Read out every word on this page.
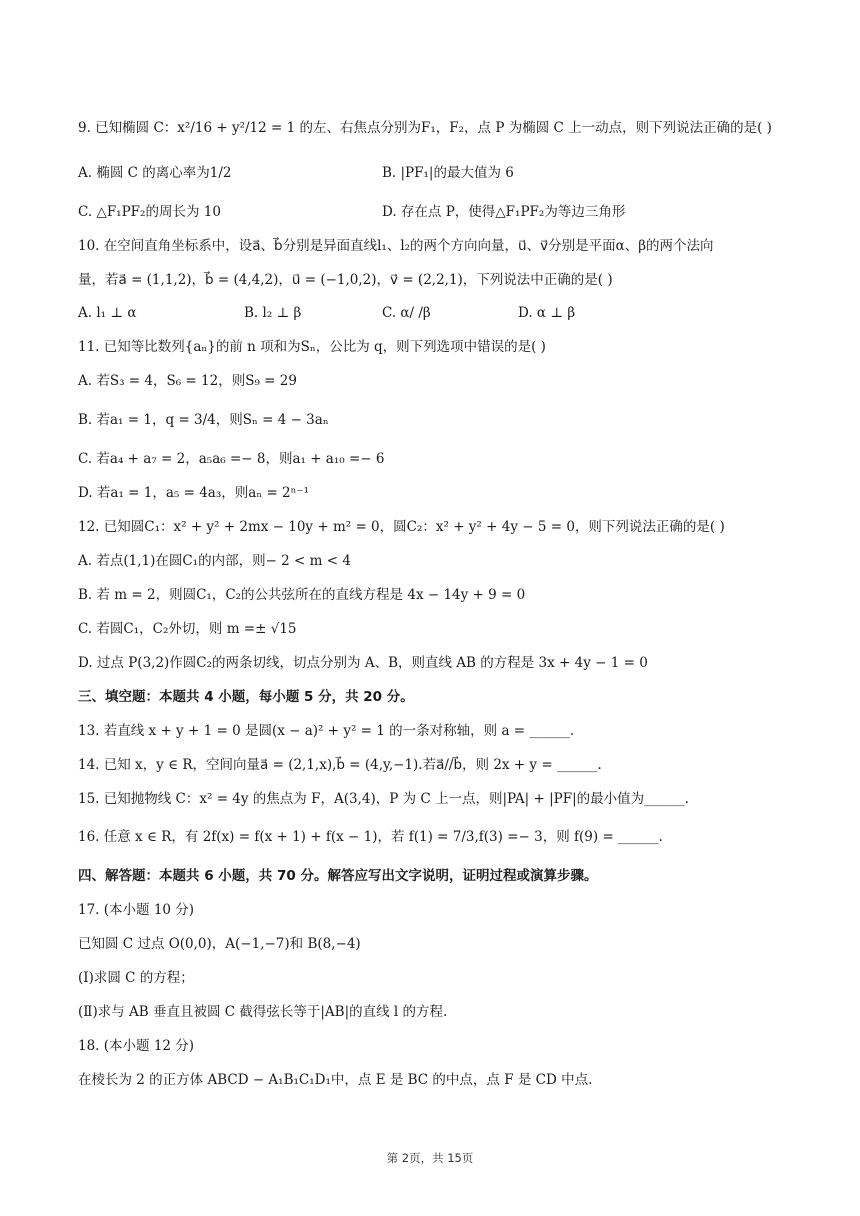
9. 已知椭圆 C：x²/16 + y²/12 = 1 的左、右焦点分别为F₁，F₂，点 P 为椭圆 C 上一动点，则下列说法正确的是( )
A. 椭圆 C 的离心率为1/2	B. |PF₁|的最大值为 6
C. △F₁PF₂的周长为 10	D. 存在点 P，使得△F₁PF₂为等边三角形
10. 在空间直角坐标系中，设a⃗、b⃗分别是异面直线l₁、l₂的两个方向向量，u⃗、v⃗分别是平面α、β的两个法向
量，若a⃗ = (1,1,2)，b⃗ = (4,4,2)，u⃗ = (−1,0,2)，v⃗ = (2,2,1)，下列说法中正确的是( )
A. l₁ ⊥ α	B. l₂ ⊥ β	C. α/ /β	D. α ⊥ β
11. 已知等比数列{aₙ}的前 n 项和为Sₙ，公比为 q，则下列选项中错误的是( )
A. 若S₃ = 4，S₆ = 12，则S₉ = 29
B. 若a₁ = 1，q = 3/4，则Sₙ = 4 − 3aₙ
C. 若a₄ + a₇ = 2，a₅a₆ =− 8，则a₁ + a₁₀ =− 6
D. 若a₁ = 1，a₅ = 4a₃，则aₙ = 2ⁿ⁻¹
12. 已知圆C₁：x² + y² + 2mx − 10y + m² = 0，圆C₂：x² + y² + 4y − 5 = 0，则下列说法正确的是( )
A. 若点(1,1)在圆C₁的内部，则− 2 < m < 4
B. 若 m = 2，则圆C₁，C₂的公共弦所在的直线方程是 4x − 14y + 9 = 0
C. 若圆C₁，C₂外切，则 m =± √15
D. 过点 P(3,2)作圆C₂的两条切线，切点分别为 A、B，则直线 AB 的方程是 3x + 4y − 1 = 0
三、填空题：本题共 4 小题，每小题 5 分，共 20 分。
13. 若直线 x + y + 1 = 0 是圆(x − a)² + y² = 1 的一条对称轴，则 a = ______.
14. 已知 x，y ∈ R，空间向量a⃗ = (2,1,x),b⃗ = (4,y,−1).若a⃗//b⃗，则 2x + y = ______.
15. 已知抛物线 C：x² = 4y 的焦点为 F，A(3,4)，P 为 C 上一点，则|PA| + |PF|的最小值为______.
16. 任意 x ∈ R，有 2f(x) = f(x + 1) + f(x − 1)，若 f(1) = 7/3,f(3) =− 3，则 f(9) = ______.
四、解答题：本题共 6 小题，共 70 分。解答应写出文字说明，证明过程或演算步骤。
17. (本小题 10 分)
已知圆 C 过点 O(0,0)，A(−1,−7)和 B(8,−4)
(Ⅰ)求圆 C 的方程；
(Ⅱ)求与 AB 垂直且被圆 C 截得弦长等于|AB|的直线 l 的方程.
18. (本小题 12 分)
在棱长为 2 的正方体 ABCD − A₁B₁C₁D₁中，点 E 是 BC 的中点，点 F 是 CD 中点.
第 2页，共 15页
